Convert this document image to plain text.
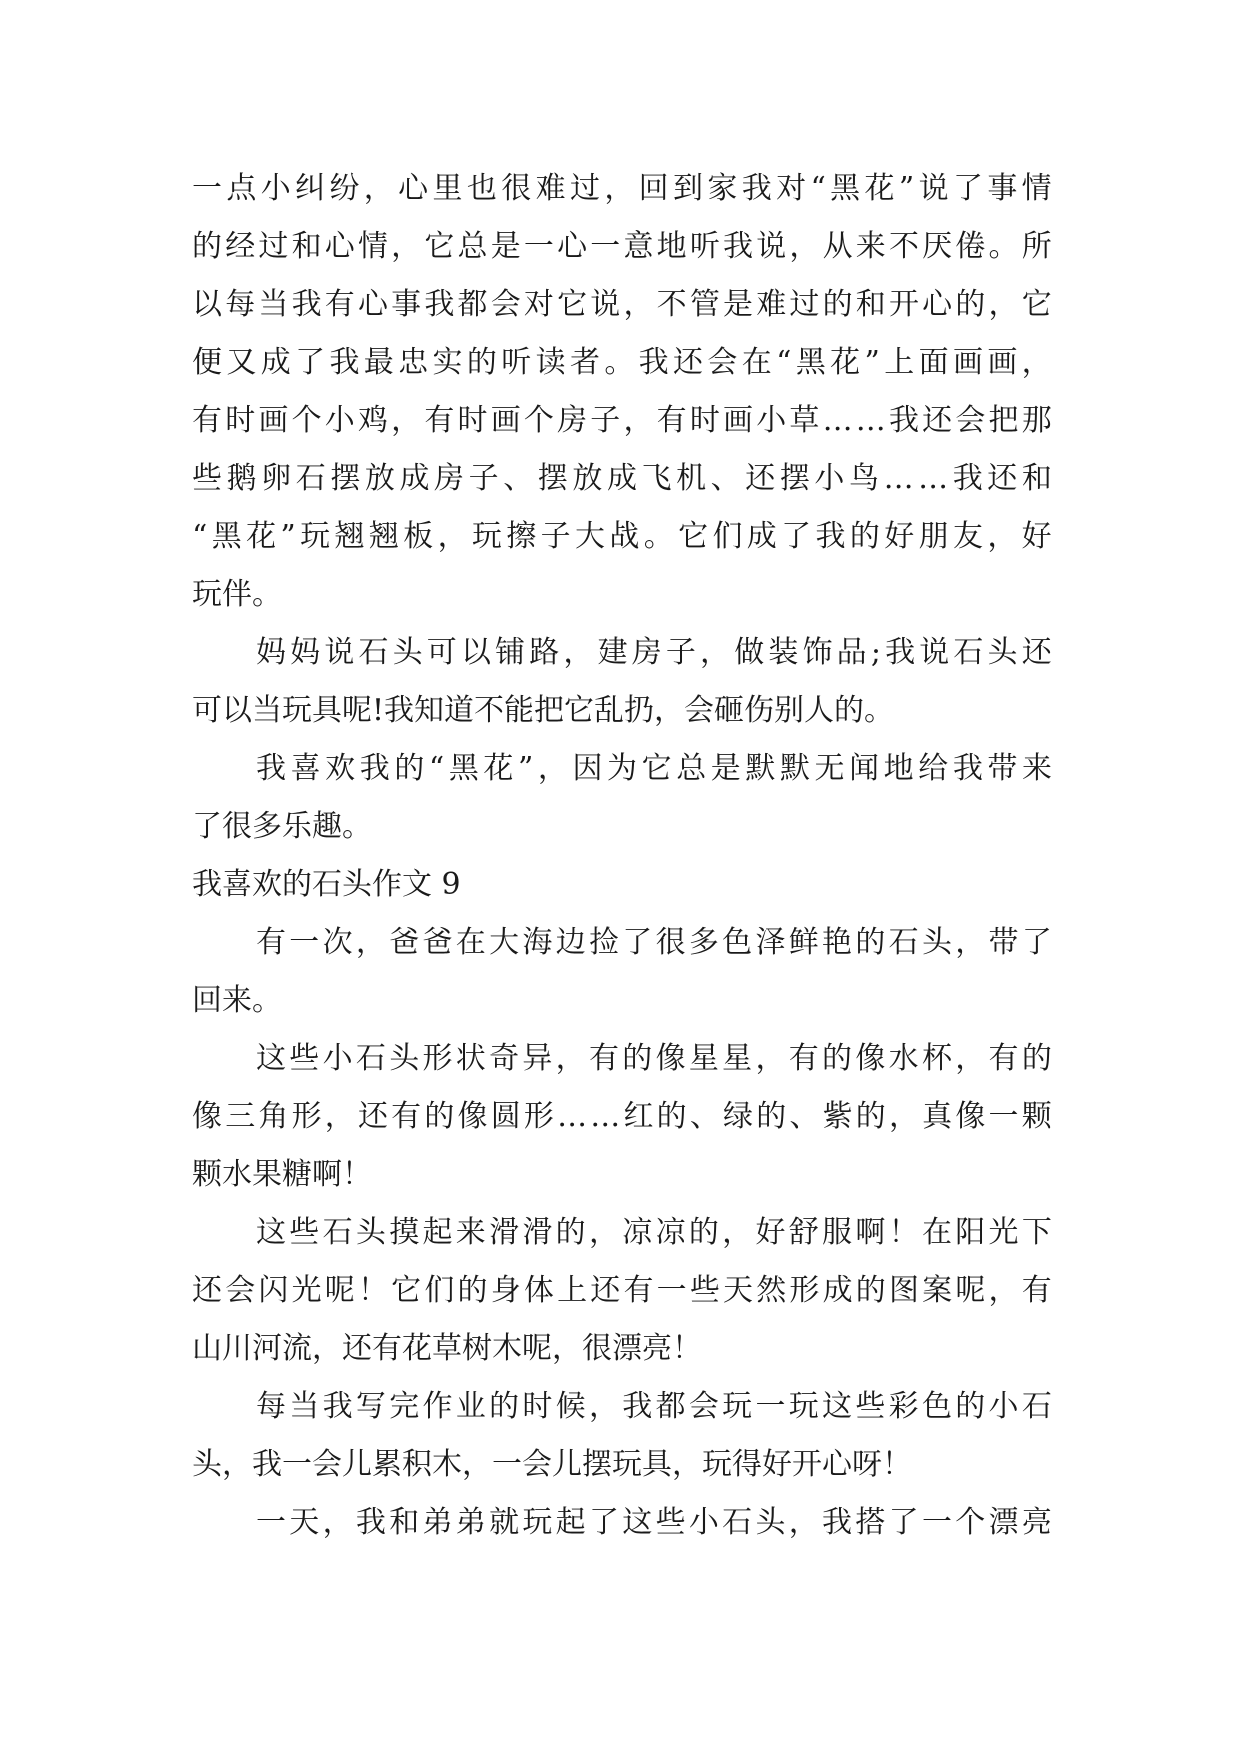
一 点 小 纠 纷 ， 心 里 也 很 难 过 ， 回 到 家 我 对 “ 黑 花 ” 说 了 事 情
的 经 过 和 心 情 ， 它 总 是 一 心 一 意 地 听 我 说 ， 从 来 不 厌 倦 。 所
以 每 当 我 有 心 事 我 都 会 对 它 说 ， 不 管 是 难 过 的 和 开 心 的 ， 它
便 又 成 了 我 最 忠 实 的 听 读 者 。 我 还 会 在 “ 黑 花 ” 上 面 画 画 ，
有 时 画 个 小 鸡 ， 有 时 画 个 房 子 ， 有 时 画 小 草 … … 我 还 会 把 那
些 鹅 卵 石 摆 放 成 房 子 、 摆 放 成 飞 机 、 还 摆 小 鸟 … … 我 还 和
“ 黑 花 ” 玩 翘 翘 板 ， 玩 擦 子 大 战 。 它 们 成 了 我 的 好 朋 友 ， 好
玩伴。
妈 妈 说 石 头 可 以 铺 路 ， 建 房 子 ， 做 装 饰 品 ; 我 说 石 头 还
可以当玩具呢!我知道不能把它乱扔，会砸伤别人的。
我 喜 欢 我 的 “ 黑 花 ” ， 因 为 它 总 是 默 默 无 闻 地 给 我 带 来
了很多乐趣。
我喜欢的石头作文 9
有 一 次 ， 爸 爸 在 大 海 边 捡 了 很 多 色 泽 鲜 艳 的 石 头 ， 带 了
回来。
这 些 小 石 头 形 状 奇 异 ， 有 的 像 星 星 ， 有 的 像 水 杯 ， 有 的
像 三 角 形 ， 还 有 的 像 圆 形 … … 红 的 、 绿 的 、 紫 的 ， 真 像 一 颗
颗水果糖啊！
这 些 石 头 摸 起 来 滑 滑 的 ， 凉 凉 的 ， 好 舒 服 啊 ！ 在 阳 光 下
还 会 闪 光 呢 ！ 它 们 的 身 体 上 还 有 一 些 天 然 形 成 的 图 案 呢 ， 有
山川河流，还有花草树木呢，很漂亮！
每 当 我 写 完 作 业 的 时 候 ， 我 都 会 玩 一 玩 这 些 彩 色 的 小 石
头，我一会儿累积木，一会儿摆玩具，玩得好开心呀！
一 天 ， 我 和 弟 弟 就 玩 起 了 这 些 小 石 头 ， 我 搭 了 一 个 漂 亮
